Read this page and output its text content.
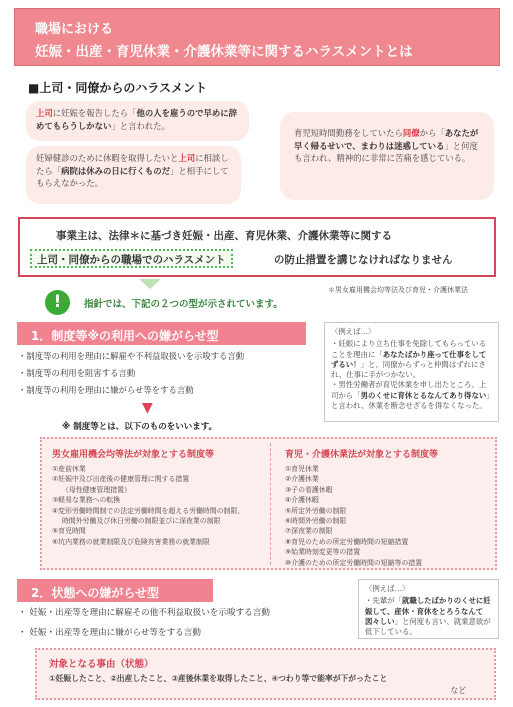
職場における
妊娠・出産・育児休業・介護休業等に関するハラスメントとは
■上司・同僚からのハラスメント
上司に妊娠を報告したら「他の人を雇うので早めに辞めてもらうしかない」と言われた。
妊婦健診のために休暇を取得したいと上司に相談したら「病院は休みの日に行くものだ」と相手にしてもらえなかった。
育児短時間勤務をしていたら同僚から「あなたが早く帰るせいで、まわりは迷惑している」と何度も言われ、精神的に非常に苦痛を感じている。
事業主は、法律＊に基づき妊娠・出産、育児休業、介護休業等に関する
上司・同僚からの職場でのハラスメント	の防止措置を講じなければなりません
＊男女雇用機会均等法及び育児・介護休業法
!	指針では、下記の２つの型が示されています。
1．制度等※の利用への嫌がらせ型
・制度等の利用を理由に解雇や不利益取扱いを示唆する言動
・制度等の利用を阻害する言動
・制度等の利用を理由に嫌がらせ等をする言動
▼
※ 制度等とは、以下のものをいいます。
〈例えば…〉
・妊娠により立ち仕事を免除してもらっていることを理由に「あなたばかり座って仕事をしてずるい！」と、同僚からずっと仲間はずれにされ、仕事に手がつかない。
・男性労働者が育児休業を申し出たところ、上司から「男のくせに育休とるなんてあり得ない」と言われ、休業を断念せざるを得なくなった。
男女雇用機会均等法が対象とする制度等
①産前休業
②妊娠中及び出産後の健康管理に関する措置
（母性健康管理措置）
③軽易な業務への転換
④変形労働時間制での法定労働時間を超える労働時間の制限、
時間外労働及び休日労働の制限並びに深夜業の制限
⑤育児時間
⑥坑内業務の就業制限及び危険有害業務の就業制限
育児・介護休業法が対象とする制度等
①育児休業
②介護休業
③子の看護休暇
④介護休暇
⑤所定外労働の制限
⑥時間外労働の制限
⑦深夜業の制限
⑧育児のための所定労働時間の短縮措置
⑨始業時刻変更等の措置
⑩介護のための所定労働時間の短縮等の措置
2．状態への嫌がらせ型
・ 妊娠・出産等を理由に解雇その他不利益取扱いを示唆する言動
・ 妊娠・出産等を理由に嫌がらせ等をする言動
〈例えば…〉
・先輩が「就職したばかりのくせに妊娠して、産休・育休をとろうなんて図々しい」と何度も言い、就業意欲が低下している。
対象となる事由（状態）
①妊娠したこと、②出産したこと、③産後休業を取得したこと、④つわり等で能率が下がったこと
など
